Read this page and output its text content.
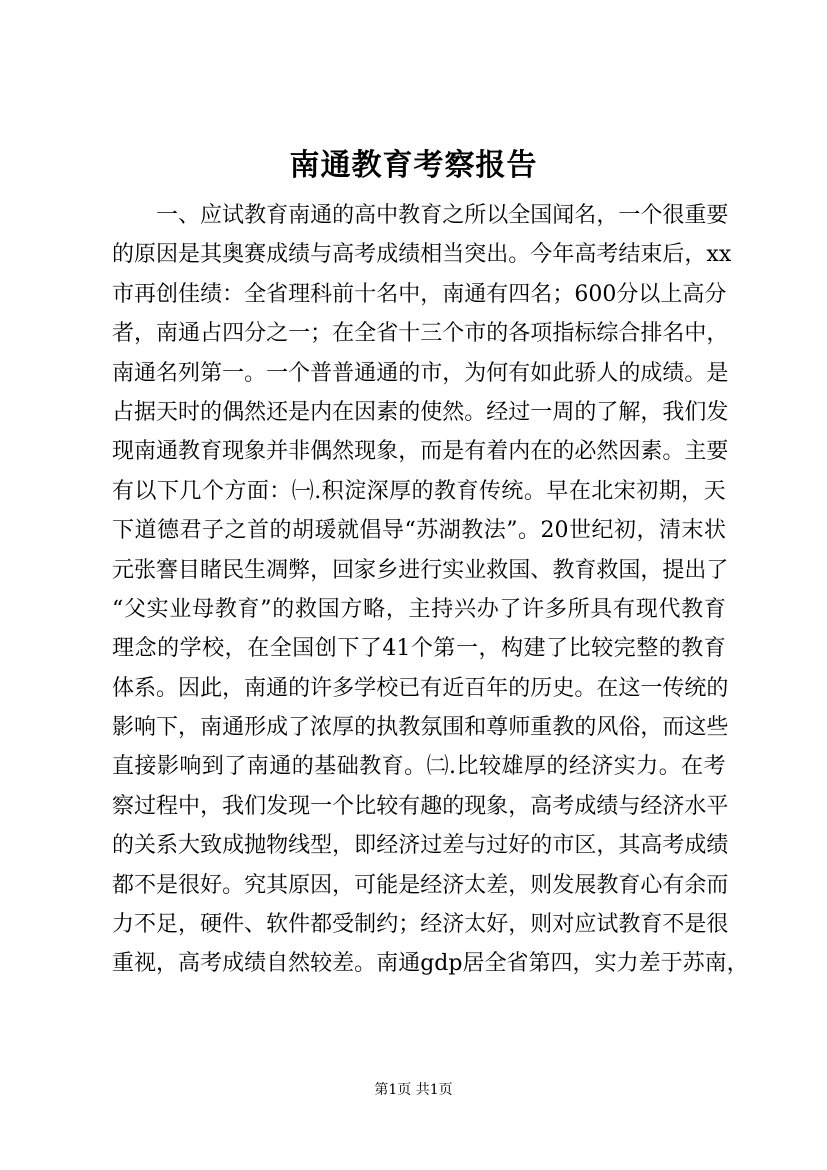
南通教育考察报告
一 、 应 试 教 育 南 通 的 高 中 教 育 之 所 以 全 国 闻 名 ， 一 个 很 重 要
的 原 因 是 其 奥 赛 成 绩 与 高 考 成 绩 相 当 突 出 。 今 年 高 考 结 束 后 ， xx
市 再 创 佳 绩 ： 全 省 理 科 前 十 名 中 ， 南 通 有 四 名 ； 600 分 以 上 高 分
者 ， 南 通 占 四 分 之 一 ； 在 全 省 十 三 个 市 的 各 项 指 标 综 合 排 名 中 ，
南 通 名 列 第 一 。 一 个 普 普 通 通 的 市 ， 为 何 有 如 此 骄 人 的 成 绩 。 是
占 据 天 时 的 偶 然 还 是 内 在 因 素 的 使 然 。 经 过 一 周 的 了 解 ， 我 们 发
现 南 通 教 育 现 象 并 非 偶 然 现 象 ， 而 是 有 着 内 在 的 必 然 因 素 。 主 要
有 以 下 几 个 方 面 ： ㈠ . 积 淀 深 厚 的 教 育 传 统 。 早 在 北 宋 初 期 ， 天
下 道 德 君 子 之 首 的 胡 瑗 就 倡 导 “ 苏 湖 教 法 ” 。 20 世 纪 初 ， 清 末 状
元 张 謇 目 睹 民 生 凋 弊 ， 回 家 乡 进 行 实 业 救 国 、 教 育 救 国 ， 提 出 了
“ 父 实 业 母 教 育 ” 的 救 国 方 略 ， 主 持 兴 办 了 许 多 所 具 有 现 代 教 育
理 念 的 学 校 ， 在 全 国 创 下 了 41 个 第 一 ， 构 建 了 比 较 完 整 的 教 育
体 系 。 因 此 ， 南 通 的 许 多 学 校 已 有 近 百 年 的 历 史 。 在 这 一 传 统 的
影 响 下 ， 南 通 形 成 了 浓 厚 的 执 教 氛 围 和 尊 师 重 教 的 风 俗 ， 而 这 些
直 接 影 响 到 了 南 通 的 基 础 教 育 。 ㈡ . 比 较 雄 厚 的 经 济 实 力 。 在 考
察 过 程 中 ， 我 们 发 现 一 个 比 较 有 趣 的 现 象 ， 高 考 成 绩 与 经 济 水 平
的 关 系 大 致 成 抛 物 线 型 ， 即 经 济 过 差 与 过 好 的 市 区 ， 其 高 考 成 绩
都 不 是 很 好 。 究 其 原 因 ， 可 能 是 经 济 太 差 ， 则 发 展 教 育 心 有 余 而
力 不 足 ， 硬 件 、 软 件 都 受 制 约 ； 经 济 太 好 ， 则 对 应 试 教 育 不 是 很
重 视 ， 高 考 成 绩 自 然 较 差 。 南 通 gdp 居 全 省 第 四 ， 实 力 差 于 苏 南 ，
第1页 共1页
